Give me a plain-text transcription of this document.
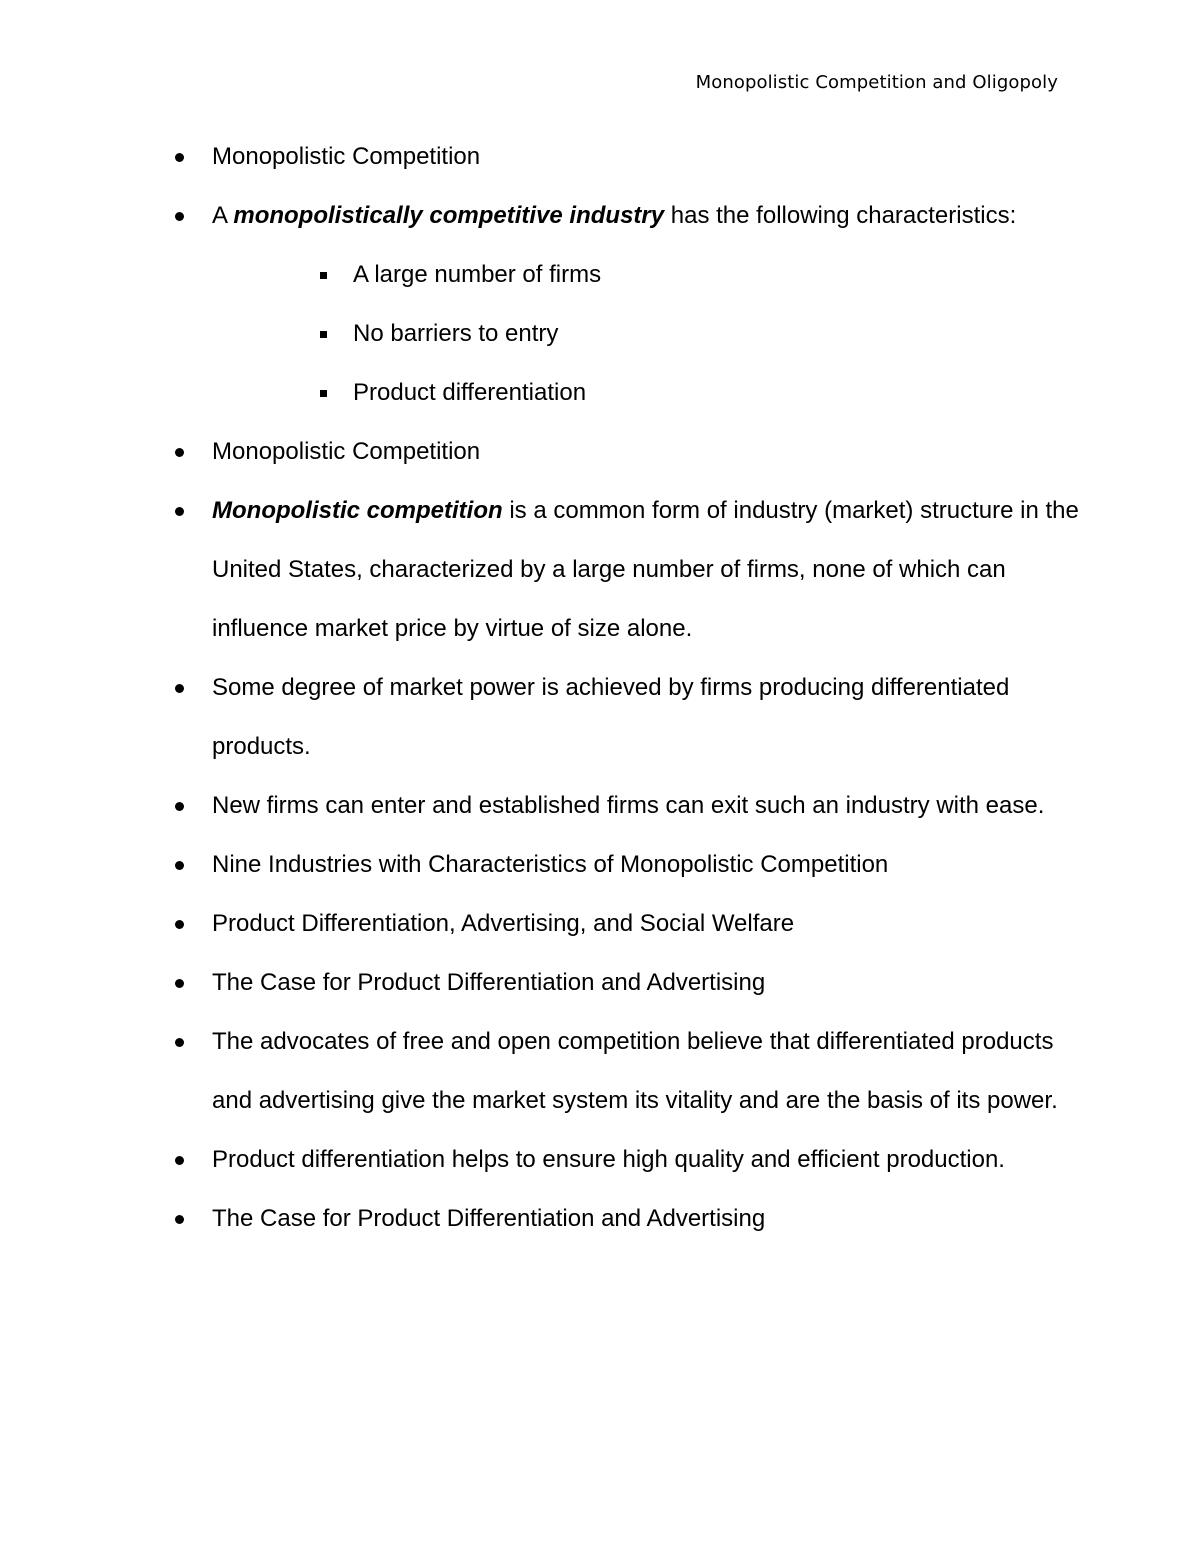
Monopolistic Competition and Oligopoly
Monopolistic Competition
A monopolistically competitive industry has the following characteristics:
A large number of firms
No barriers to entry
Product differentiation
Monopolistic Competition
Monopolistic competition is a common form of industry (market) structure in the United States, characterized by a large number of firms, none of which can influence market price by virtue of size alone.
Some degree of market power is achieved by firms producing differentiated products.
New firms can enter and established firms can exit such an industry with ease.
Nine Industries with Characteristics of Monopolistic Competition
Product Differentiation, Advertising, and Social Welfare
The Case for Product Differentiation and Advertising
The advocates of free and open competition believe that differentiated products and advertising give the market system its vitality and are the basis of its power.
Product differentiation helps to ensure high quality and efficient production.
The Case for Product Differentiation and Advertising
